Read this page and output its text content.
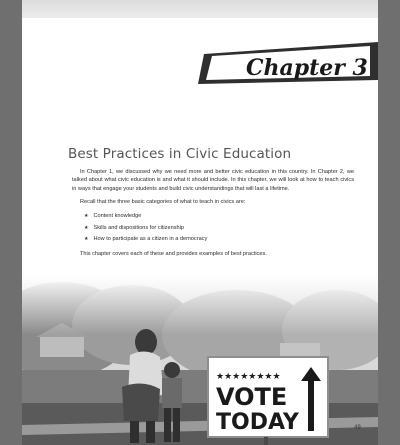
Chapter 3
Best Practices in Civic Education

In Chapter 1, we discussed why we need more and better civic education in this country. In Chapter 2, we talked about what civic education is and what it should include. In this chapter, we will look at how to teach civics in ways that engage your students and build civic understandings that will last a lifetime.

Recall that the three basic categories of what to teach in civics are:

★ Content knowledge
★ Skills and dispositions for citizenship
★ How to participate as a citizen in a democracy

This chapter covers each of these and provides examples of best practices.

★★★★★★★★
VOTE
TODAY	49
